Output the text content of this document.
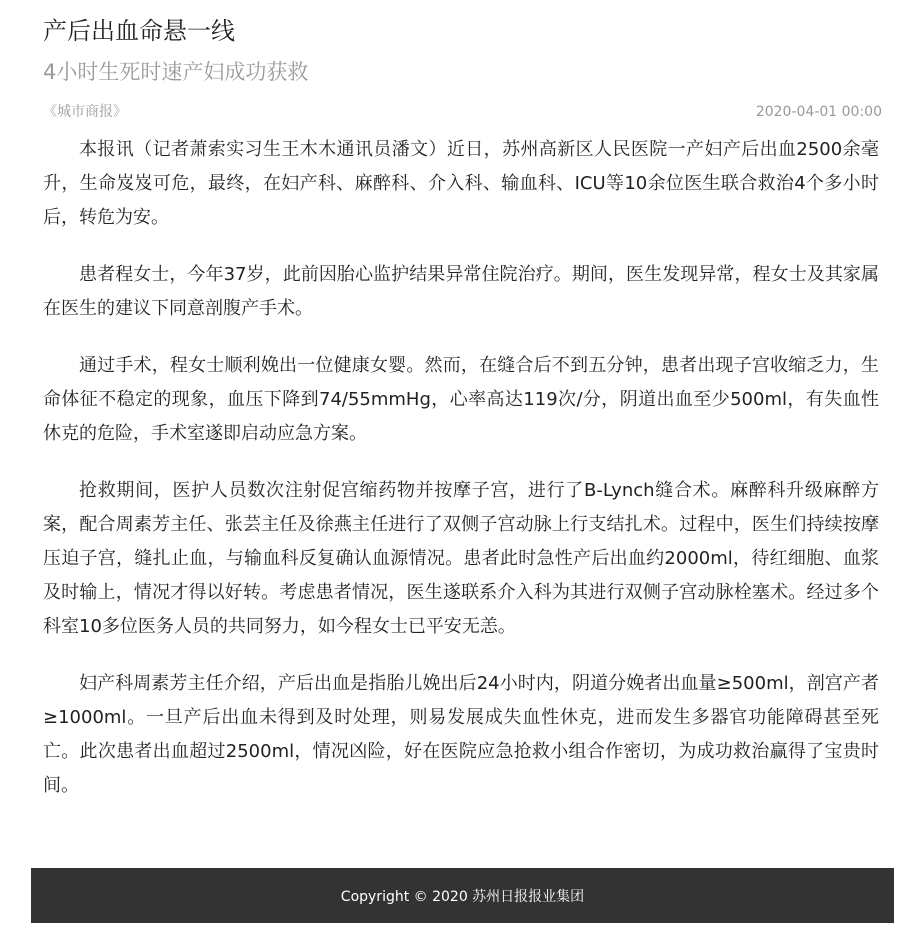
产后出血命悬一线
4小时生死时速产妇成功获救
《城市商报》	2020-04-01 00:00

本报讯（记者萧索实习生王木木通讯员潘文）近日，苏州高新区人民医院一产妇产后出血2500余毫升，生命岌岌可危，最终，在妇产科、麻醉科、介入科、输血科、ICU等10余位医生联合救治4个多小时后，转危为安。

患者程女士，今年37岁，此前因胎心监护结果异常住院治疗。期间，医生发现异常，程女士及其家属在医生的建议下同意剖腹产手术。

通过手术，程女士顺利娩出一位健康女婴。然而，在缝合后不到五分钟，患者出现子宫收缩乏力，生命体征不稳定的现象，血压下降到74/55mmHg，心率高达119次/分，阴道出血至少500ml，有失血性休克的危险，手术室遂即启动应急方案。

抢救期间，医护人员数次注射促宫缩药物并按摩子宫，进行了B-Lynch缝合术。麻醉科升级麻醉方案，配合周素芳主任、张芸主任及徐燕主任进行了双侧子宫动脉上行支结扎术。过程中，医生们持续按摩压迫子宫，缝扎止血，与输血科反复确认血源情况。患者此时急性产后出血约2000ml，待红细胞、血浆及时输上，情况才得以好转。考虑患者情况，医生遂联系介入科为其进行双侧子宫动脉栓塞术。经过多个科室10多位医务人员的共同努力，如今程女士已平安无恙。

妇产科周素芳主任介绍，产后出血是指胎儿娩出后24小时内，阴道分娩者出血量≥500ml，剖宫产者≥1000ml。一旦产后出血未得到及时处理，则易发展成失血性休克，进而发生多器官功能障碍甚至死亡。此次患者出血超过2500ml，情况凶险，好在医院应急抢救小组合作密切，为成功救治赢得了宝贵时间。

Copyright © 2020 苏州日报报业集团
